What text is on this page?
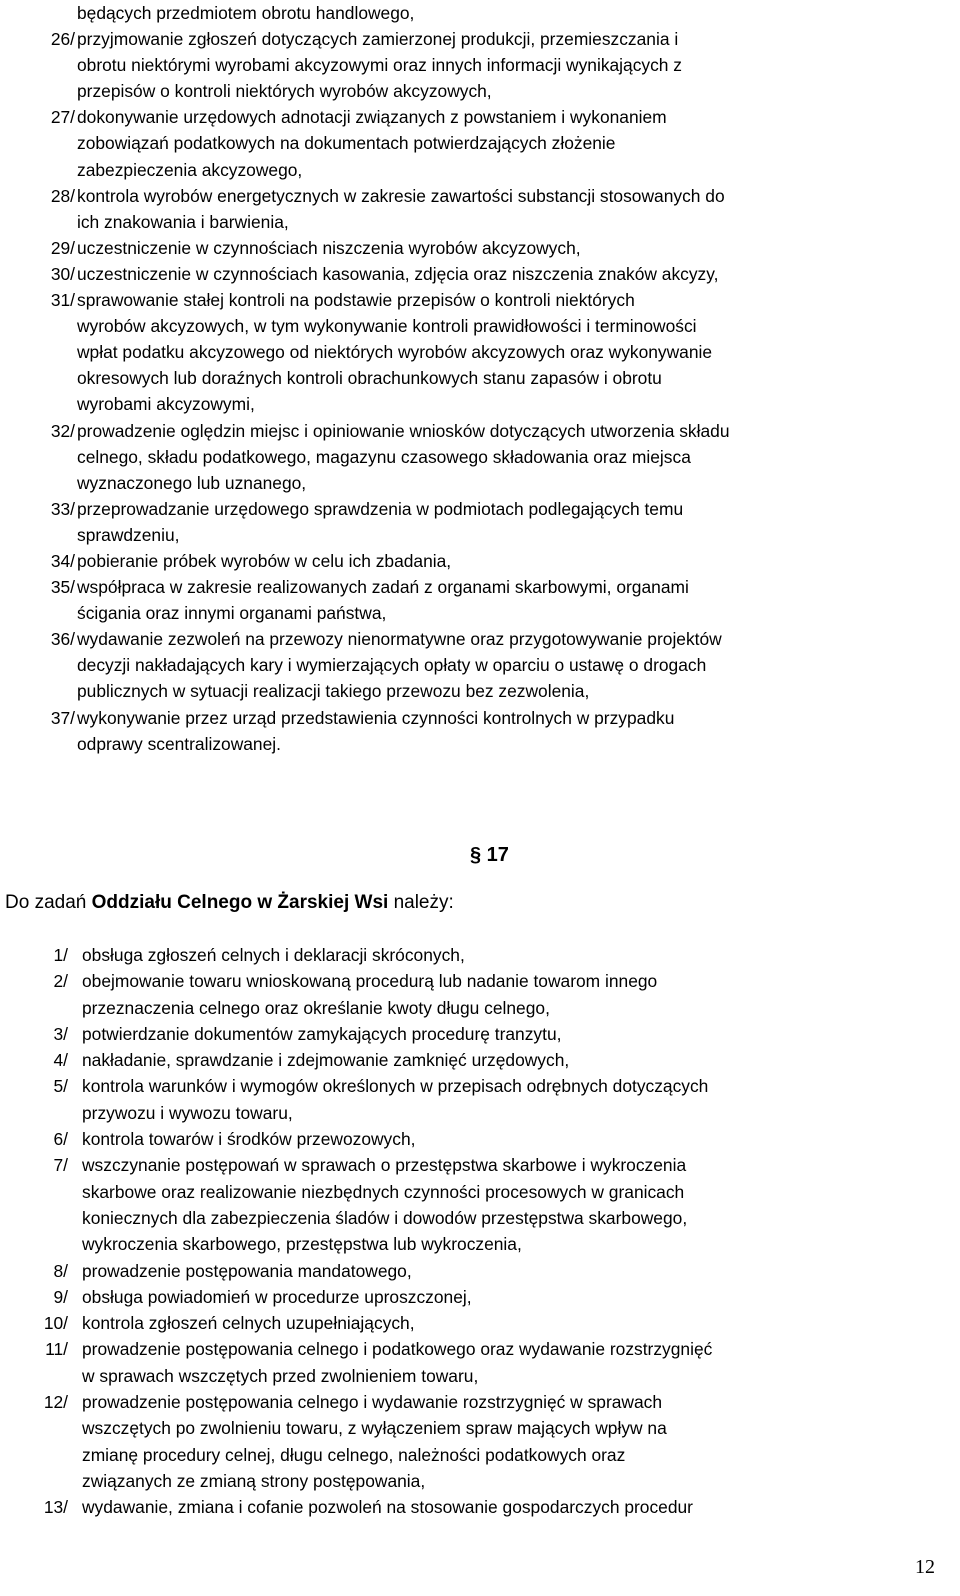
będących przedmiotem obrotu handlowego,
26/ przyjmowanie zgłoszeń dotyczących zamierzonej produkcji, przemieszczania i
obrotu niektórymi wyrobami akcyzowymi oraz innych informacji wynikających z
przepisów o kontroli niektórych wyrobów akcyzowych,
27/ dokonywanie urzędowych adnotacji związanych z powstaniem i wykonaniem
zobowiązań podatkowych na dokumentach potwierdzających złożenie
zabezpieczenia akcyzowego,
28/ kontrola wyrobów energetycznych w zakresie zawartości substancji stosowanych do
ich znakowania i barwienia,
29/ uczestniczenie w czynnościach niszczenia wyrobów akcyzowych,
30/ uczestniczenie w czynnościach kasowania, zdjęcia oraz niszczenia znaków akcyzy,
31/ sprawowanie stałej kontroli na podstawie przepisów o kontroli niektórych
wyrobów akcyzowych, w tym wykonywanie kontroli prawidłowości i terminowości
wpłat podatku akcyzowego od niektórych wyrobów akcyzowych oraz wykonywanie
okresowych lub doraźnych kontroli obrachunkowych stanu zapasów i obrotu
wyrobami akcyzowymi,
32/ prowadzenie oględzin miejsc i opiniowanie wniosków dotyczących utworzenia składu
celnego, składu podatkowego, magazynu czasowego składowania oraz miejsca
wyznaczonego lub uznanego,
33/ przeprowadzanie urzędowego sprawdzenia w podmiotach podlegających temu
sprawdzeniu,
34/ pobieranie próbek wyrobów w celu ich zbadania,
35/ współpraca w zakresie realizowanych zadań z organami skarbowymi, organami
ścigania oraz innymi organami państwa,
36/ wydawanie zezwoleń na przewozy nienormatywne oraz przygotowywanie projektów
decyzji nakładających kary i wymierzających opłaty w oparciu o ustawę o drogach
publicznych w sytuacji realizacji takiego przewozu bez zezwolenia,
37/ wykonywanie przez urząd przedstawienia czynności kontrolnych w przypadku
odprawy scentralizowanej.
§ 17
Do zadań Oddziału Celnego w Żarskiej Wsi należy:
1/ obsługa zgłoszeń celnych i deklaracji skróconych,
2/ obejmowanie towaru wnioskowaną procedurą lub nadanie towarom innego
przeznaczenia celnego oraz określanie kwoty długu celnego,
3/ potwierdzanie dokumentów zamykających procedurę tranzytu,
4/ nakładanie, sprawdzanie i zdejmowanie zamknięć urzędowych,
5/ kontrola warunków i wymogów określonych w przepisach odrębnych dotyczących
przywozu i wywozu towaru,
6/ kontrola towarów i środków przewozowych,
7/ wszczynanie postępowań w sprawach o przestępstwa skarbowe i wykroczenia
skarbowe oraz realizowanie niezbędnych czynności procesowych w granicach
koniecznych dla zabezpieczenia śladów i dowodów przestępstwa skarbowego,
wykroczenia skarbowego, przestępstwa lub wykroczenia,
8/ prowadzenie postępowania mandatowego,
9/ obsługa powiadomień w procedurze uproszczonej,
10/ kontrola zgłoszeń celnych uzupełniających,
11/ prowadzenie postępowania celnego i podatkowego oraz wydawanie rozstrzygnięć
w sprawach wszczętych przed zwolnieniem towaru,
12/ prowadzenie postępowania celnego i wydawanie rozstrzygnięć w sprawach
wszczętych po zwolnieniu towaru, z wyłączeniem spraw mających wpływ na
zmianę procedury celnej, długu celnego, należności podatkowych oraz
związanych ze zmianą strony postępowania,
13/ wydawanie, zmiana i cofanie pozwoleń na stosowanie gospodarczych procedur
12
